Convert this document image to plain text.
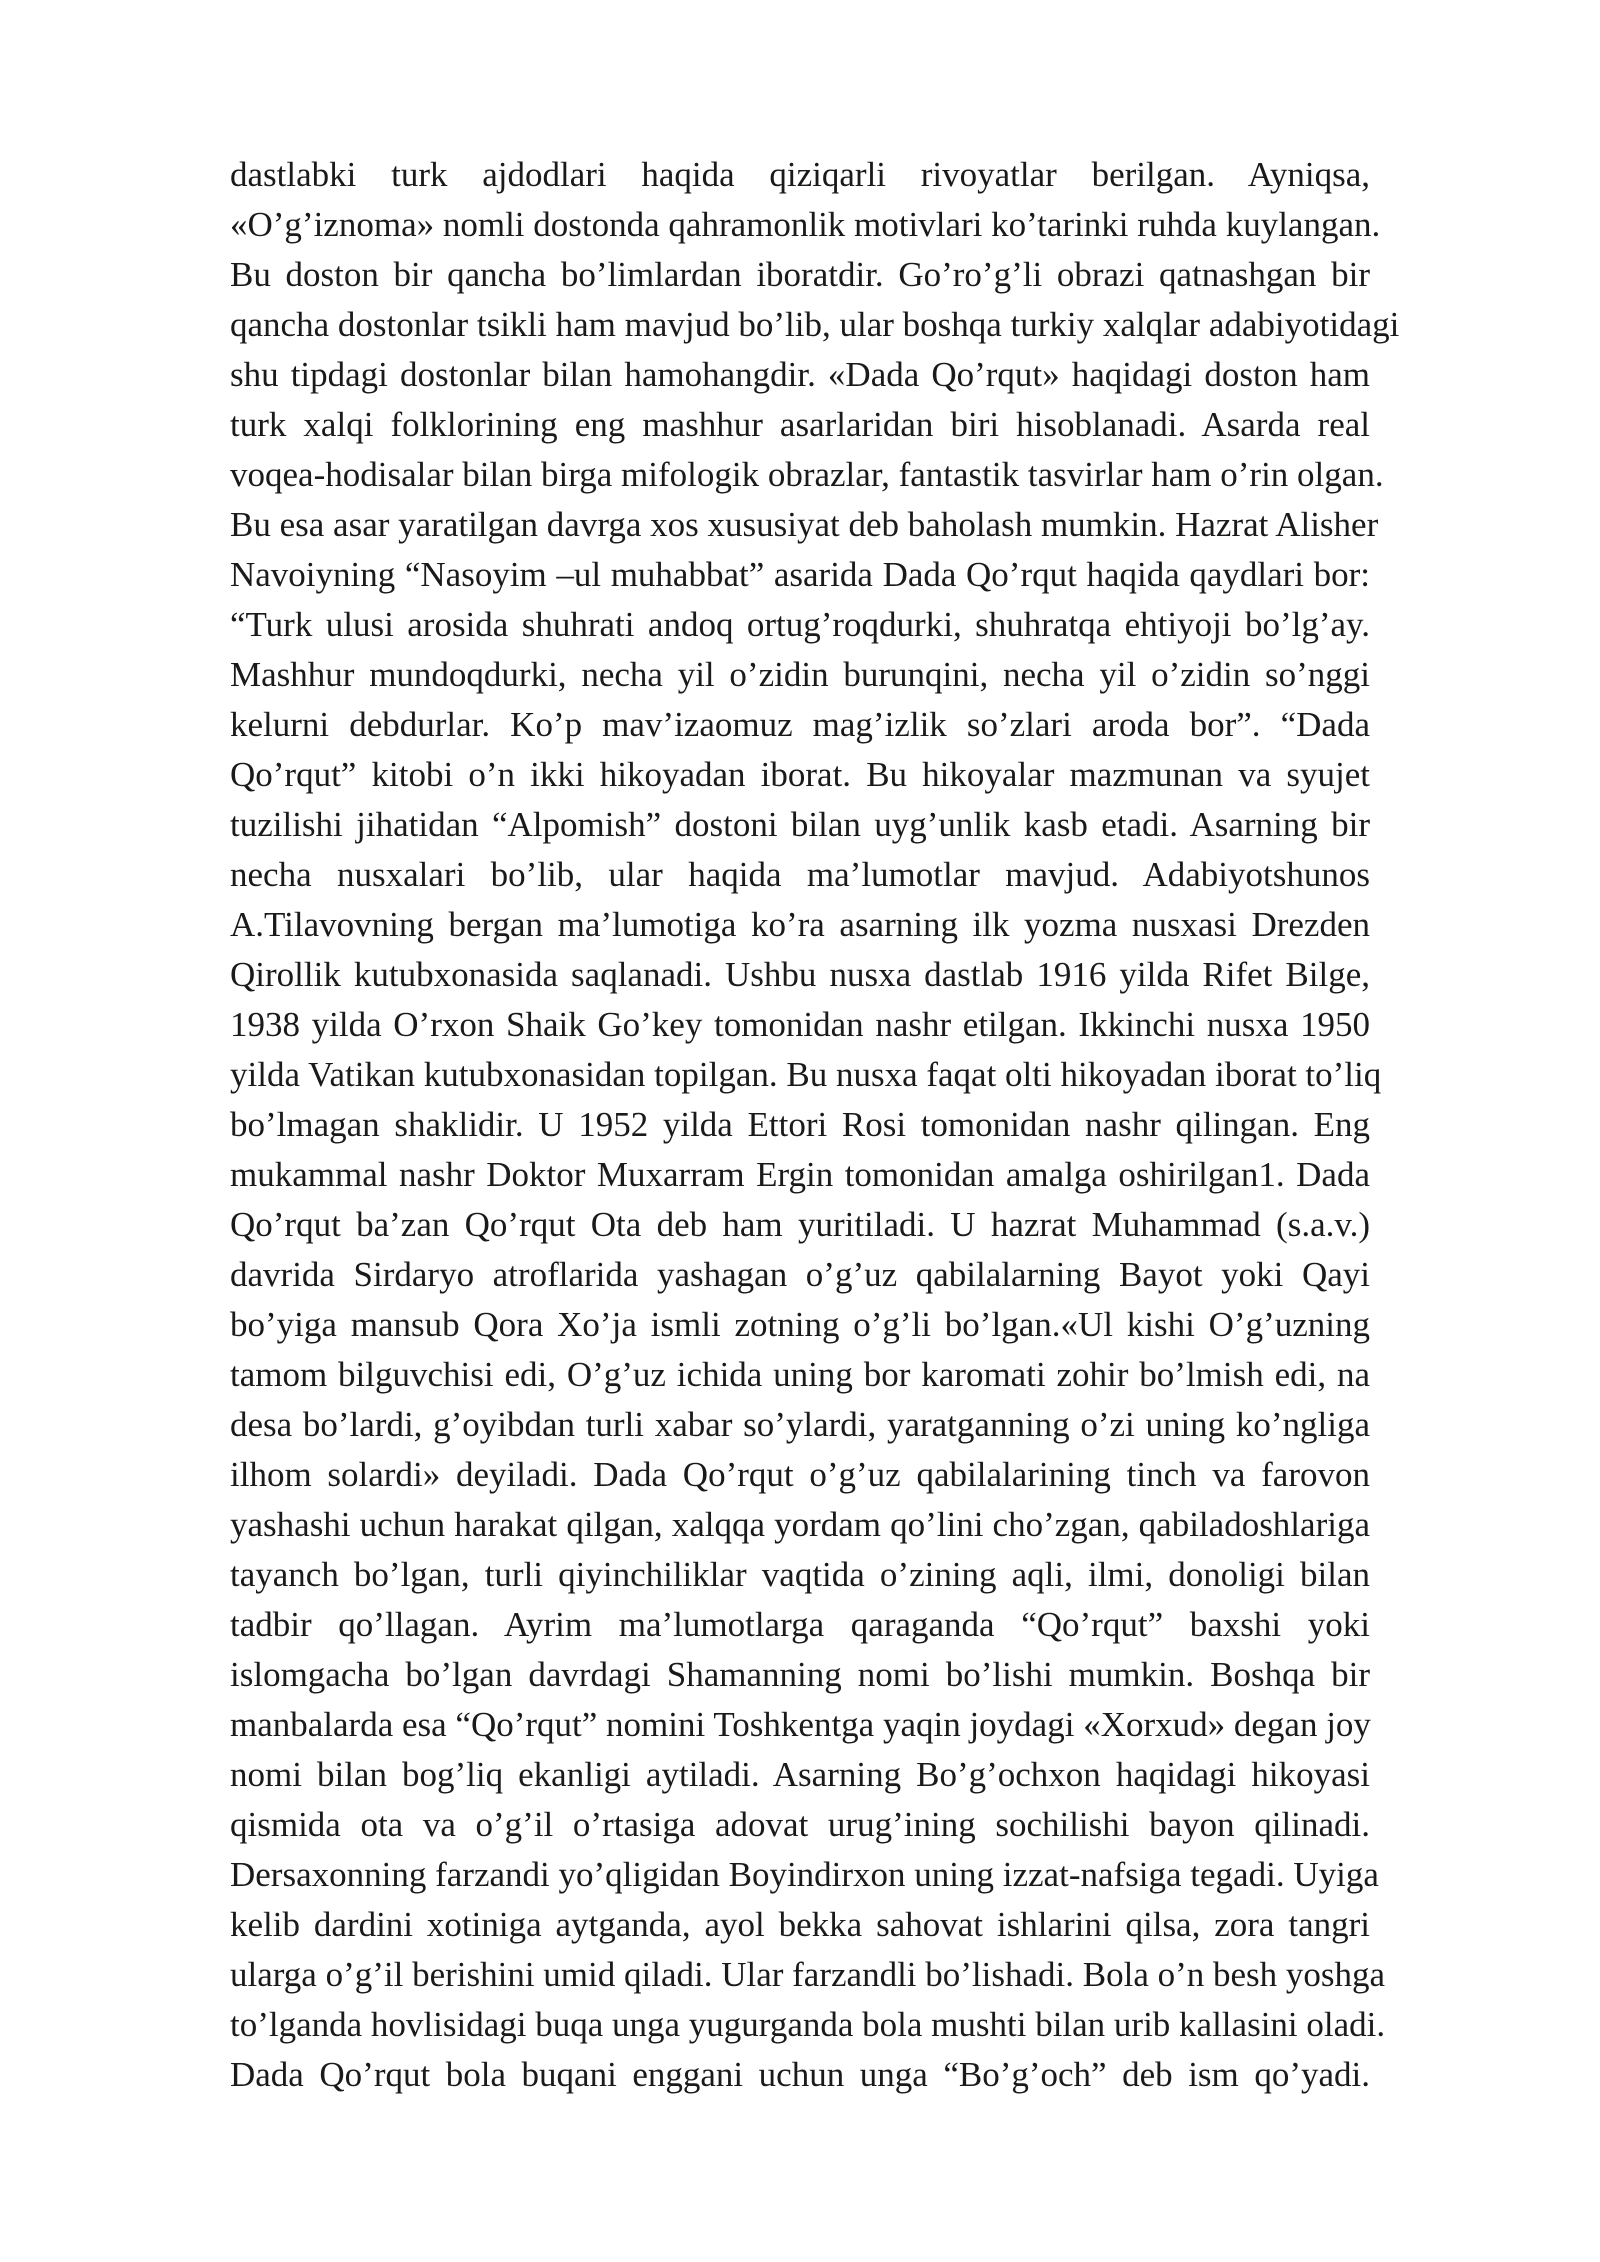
dastlabki turk ajdodlari haqida qiziqarli rivoyatlar berilgan. Ayniqsa,
«O’g’iznoma» nomli dostonda qahramonlik motivlari ko’tarinki ruhda kuylangan.
Bu doston bir qancha bo’limlardan iboratdir. Go’ro’g’li obrazi qatnashgan bir
qancha dostonlar tsikli ham mavjud bo’lib, ular boshqa turkiy xalqlar adabiyotidagi
shu tipdagi dostonlar bilan hamohangdir. «Dada Qo’rqut» haqidagi doston ham
turk xalqi folklorining eng mashhur asarlaridan biri hisoblanadi. Asarda real
voqea-hodisalar bilan birga mifologik obrazlar, fantastik tasvirlar ham o’rin olgan.
Bu esa asar yaratilgan davrga xos xususiyat deb baholash mumkin. Hazrat Alisher
Navoiyning “Nasoyim –ul muhabbat” asarida Dada Qo’rqut haqida qaydlari bor:
“Turk ulusi arosida shuhrati andoq ortug’roqdurki, shuhratqa ehtiyoji bo’lg’ay.
Mashhur mundoqdurki, necha yil o’zidin burunqini, necha yil o’zidin so’nggi
kelurni debdurlar. Ko’p mav’izaomuz mag’izlik so’zlari aroda bor”. “Dada
Qo’rqut” kitobi o’n ikki hikoyadan iborat. Bu hikoyalar mazmunan va syujet
tuzilishi jihatidan “Alpomish” dostoni bilan uyg’unlik kasb etadi. Asarning bir
necha nusxalari bo’lib, ular haqida ma’lumotlar mavjud. Adabiyotshunos
A.Tilavovning bergan ma’lumotiga ko’ra asarning ilk yozma nusxasi Drezden
Qirollik kutubxonasida saqlanadi. Ushbu nusxa dastlab 1916 yilda Rifet Bilge,
1938 yilda O’rxon Shaik Go’key tomonidan nashr etilgan. Ikkinchi nusxa 1950
yilda Vatikan kutubxonasidan topilgan. Bu nusxa faqat olti hikoyadan iborat to’liq
bo’lmagan shaklidir. U 1952 yilda Ettori Rosi tomonidan nashr qilingan. Eng
mukammal nashr Doktor Muxarram Ergin tomonidan amalga oshirilgan1. Dada
Qo’rqut ba’zan Qo’rqut Ota deb ham yuritiladi. U hazrat Muhammad (s.a.v.)
davrida Sirdaryo atroflarida yashagan o’g’uz qabilalarning Bayot yoki Qayi
bo’yiga mansub Qora Xo’ja ismli zotning o’g’li bo’lgan.«Ul kishi O’g’uzning
tamom bilguvchisi edi, O’g’uz ichida uning bor karomati zohir bo’lmish edi, na
desa bo’lardi, g’oyibdan turli xabar so’ylardi, yaratganning o’zi uning ko’ngliga
ilhom solardi» deyiladi. Dada Qo’rqut o’g’uz qabilalarining tinch va farovon
yashashi uchun harakat qilgan, xalqqa yordam qo’lini cho’zgan, qabiladoshlariga
tayanch bo’lgan, turli qiyinchiliklar vaqtida o’zining aqli, ilmi, donoligi bilan
tadbir qo’llagan. Ayrim ma’lumotlarga qaraganda “Qo’rqut” baxshi yoki
islomgacha bo’lgan davrdagi Shamanning nomi bo’lishi mumkin. Boshqa bir
manbalarda esa “Qo’rqut” nomini Toshkentga yaqin joydagi «Xorxud» degan joy
nomi bilan bog’liq ekanligi aytiladi. Asarning Bo’g’ochxon haqidagi hikoyasi
qismida ota va o’g’il o’rtasiga adovat urug’ining sochilishi bayon qilinadi.
Dersaxonning farzandi yo’qligidan Boyindirxon uning izzat-nafsiga tegadi. Uyiga
kelib dardini xotiniga aytganda, ayol bekka sahovat ishlarini qilsa, zora tangri
ularga o’g’il berishini umid qiladi. Ular farzandli bo’lishadi. Bola o’n besh yoshga
to’lganda hovlisidagi buqa unga yugurganda bola mushti bilan urib kallasini oladi.
Dada Qo’rqut bola buqani enggani uchun unga “Bo’g’och” deb ism qo’yadi.
